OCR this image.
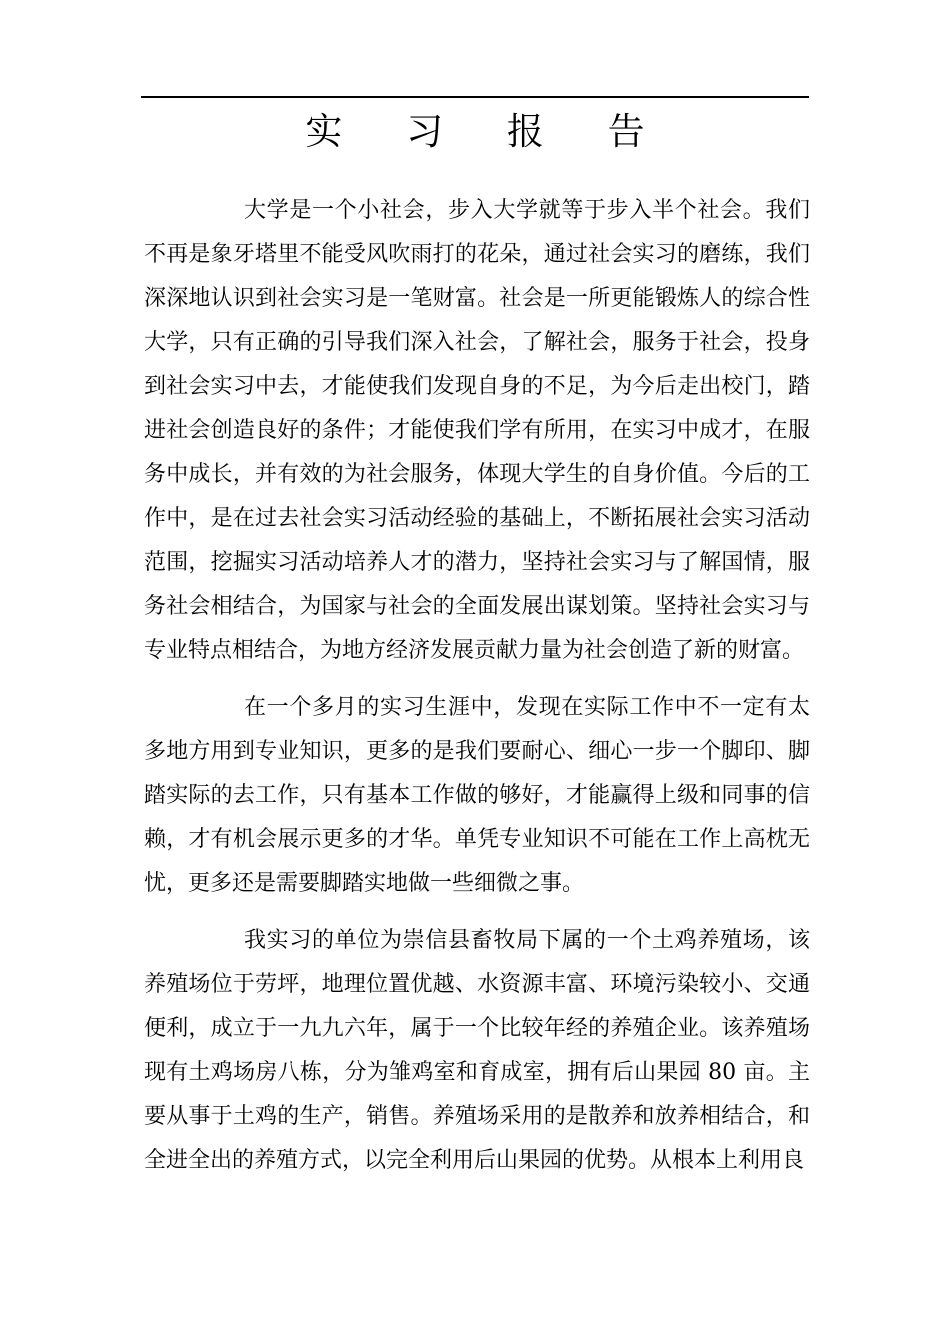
实 习 报 告

大学是一个小社会，步入大学就等于步入半个社会。我们不再是象牙塔里不能受风吹雨打的花朵，通过社会实习的磨练，我们深深地认识到社会实习是一笔财富。社会是一所更能锻炼人的综合性大学，只有正确的引导我们深入社会，了解社会，服务于社会，投身到社会实习中去，才能使我们发现自身的不足，为今后走出校门，踏进社会创造良好的条件；才能使我们学有所用，在实习中成才，在服务中成长，并有效的为社会服务，体现大学生的自身价值。今后的工作中，是在过去社会实习活动经验的基础上，不断拓展社会实习活动范围，挖掘实习活动培养人才的潜力，坚持社会实习与了解国情，服务社会相结合，为国家与社会的全面发展出谋划策。坚持社会实习与专业特点相结合，为地方经济发展贡献力量为社会创造了新的财富。

在一个多月的实习生涯中，发现在实际工作中不一定有太多地方用到专业知识，更多的是我们要耐心、细心一步一个脚印、脚踏实际的去工作，只有基本工作做的够好，才能赢得上级和同事的信赖，才有机会展示更多的才华。单凭专业知识不可能在工作上高枕无忧，更多还是需要脚踏实地做一些细微之事。

我实习的单位为崇信县畜牧局下属的一个土鸡养殖场，该养殖场位于劳坪，地理位置优越、水资源丰富、环境污染较小、交通便利，成立于一九九六年，属于一个比较年经的养殖企业。该养殖场现有土鸡场房八栋，分为雏鸡室和育成室，拥有后山果园 80 亩。主要从事于土鸡的生产，销售。养殖场采用的是散养和放养相结合，和全进全出的养殖方式，以完全利用后山果园的优势。从根本上利用良
